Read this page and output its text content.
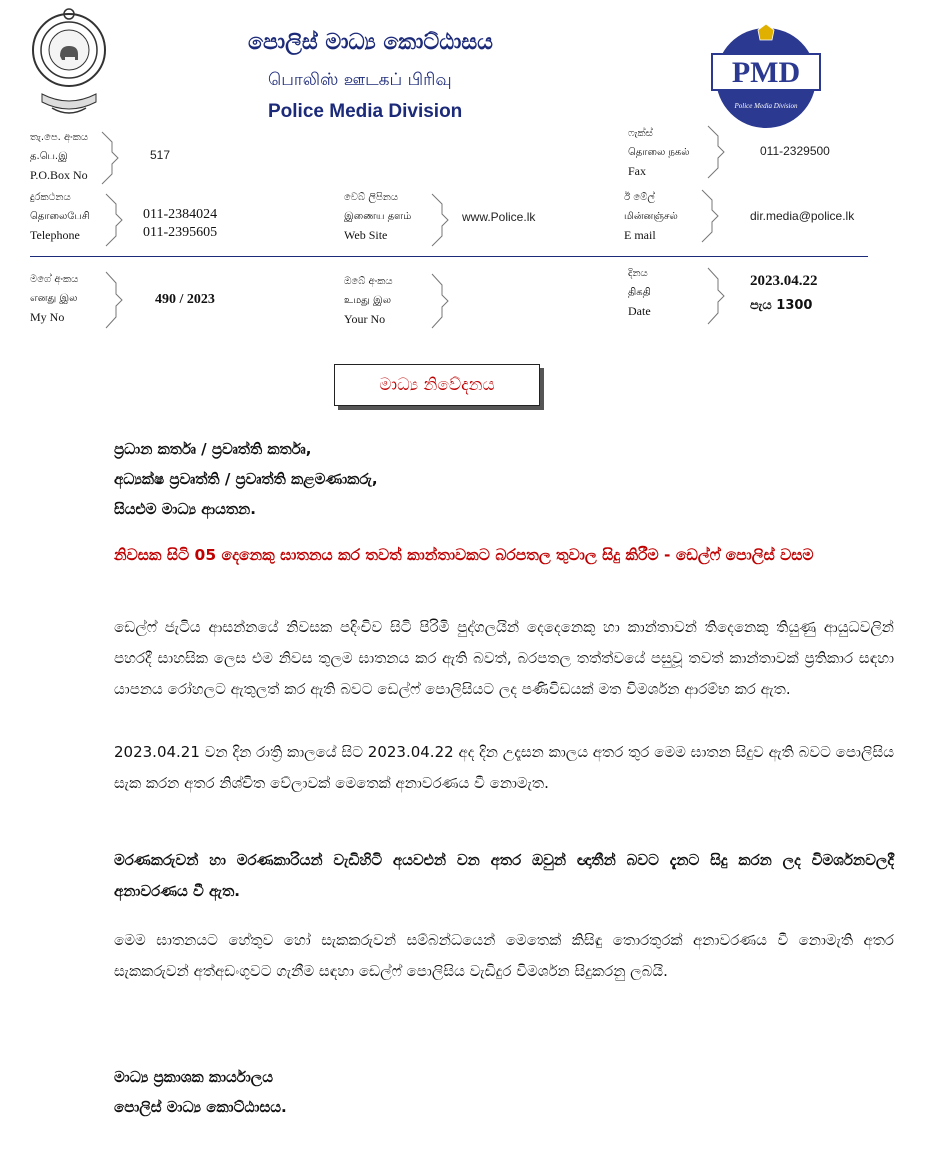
පොලිස් මාධ්‍ය කොට්ඨාසය
பொலிஸ் ஊடகப் பிரிவு
Police Media Division
PMD
Police Media Division
තැ.පෙ. අංකය
த.பெ.இ
P.O.Box No
517
ෆැක්ස්
தொலை நகல்
Fax
011-2329500
දුරකථනය
தொலைபேசி
Telephone
011-2384024
011-2395605
වෙබ් ලිපිනය
இணைய தளம்
Web Site
www.Police.lk
ඊ මේල්
மின்னஞ்சல்
E mail
dir.media@police.lk
මගේ අංකය
எனது இல
My No
490 / 2023
ඔබේ අංකය
உமது இல
Your No
දිනය
திகதி
Date
2023.04.22
පැය 1300
මාධ්‍ය නිවේදනය
ප්‍රධාන කර්තෘ / ප්‍රවෘත්ති කර්තෘ,
අධ්‍යක්ෂ ප්‍රවෘත්ති / ප්‍රවෘත්ති කළමණාකරු,
සියළුම මාධ්‍ය ආයතන.
නිවසක සිටි 05 දෙනෙකු ඝාතනය කර තවත් කාන්තාවකට බරපතල තුවාල සිදු කිරීම - ඩෙල්ෆ් පොලිස් වසම
ඩෙල්ෆ් ජැටිය ආසන්නයේ නිවසක පදිංචිව සිටි පිරිමි පුද්ගලයින් දෙදෙනෙකු හා කාන්තාවන් තිදෙනෙකු තියුණු ආයුධවලින් පහරදී සාහසික ලෙස එම නිවස තුලම ඝාතනය කර ඇති බවත්, බරපතල තත්ත්වයේ පසුවූ තවත් කාන්තාවක් ප්‍රතිකාර සඳහා යාපනය රෝහලට ඇතුලත් කර ඇති බවට ඩෙල්ෆ් පොලිසියට ලද පණිවිඩයක් මත විමර්ශන ආරම්භ කර ඇත.
2023.04.21 වන දින රාත්‍රි කාලයේ සිට 2023.04.22 අද දින උදෑසන කාලය අතර තුර මෙම ඝාතන සිදුව ඇති බවට පොලිසිය සැක කරන අතර නිශ්චිත වේලාවක් මෙතෙක් අනාවරණය වී නොමැත.
මරණකරුවන් හා මරණකාරියන් වැඩිහිටි අයවළුන් වන අතර ඔවුන් ඥාතීන් බවට දැනට සිදු කරන ලද විමර්ශනවලදී අනාවරණය වී ඇත.
මෙම ඝාතනයට හේතුව හෝ සැකකරුවන් සම්බන්ධයෙන් මෙතෙක් කිසිඳු තොරතුරක් අනාවරණය වී නොමැති අතර සැකකරුවන් අත්අඩංගුවට ගැනීම සඳහා ඩෙල්ෆ් පොලිසිය වැඩිදුර විමර්ශන සිදුකරනු ලබයි.
මාධ්‍ය ප්‍රකාශක කාර්යාලය
පොලිස් මාධ්‍ය කොට්ඨාසය.
